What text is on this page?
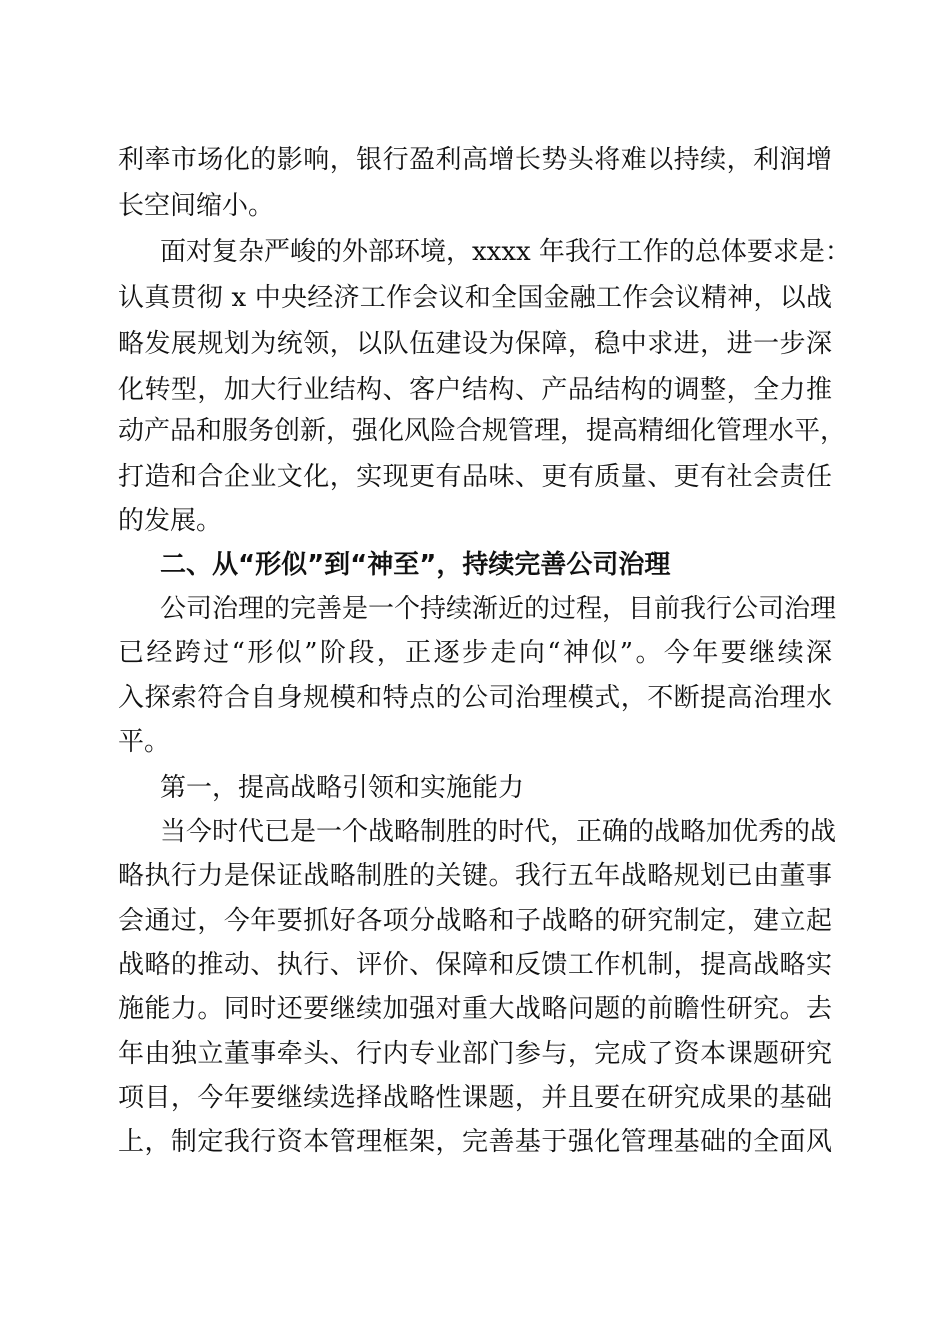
利率市场化的影响，银行盈利高增长势头将难以持续，利润增
长空间缩小。
面对复杂严峻的外部环境，xxxx 年我行工作的总体要求是：
认真贯彻 x 中央经济工作会议和全国金融工作会议精神，以战
略发展规划为统领，以队伍建设为保障，稳中求进，进一步深
化转型，加大行业结构、客户结构、产品结构的调整，全力推
动产品和服务创新，强化风险合规管理，提高精细化管理水平，
打造和合企业文化，实现更有品味、更有质量、更有社会责任
的发展。
二、从“形似”到“神至”，持续完善公司治理
公司治理的完善是一个持续渐近的过程，目前我行公司治理
已经跨过“形似”阶段，正逐步走向“神似”。今年要继续深
入探索符合自身规模和特点的公司治理模式，不断提高治理水
平。
第一，提高战略引领和实施能力
当今时代已是一个战略制胜的时代，正确的战略加优秀的战
略执行力是保证战略制胜的关键。我行五年战略规划已由董事
会通过，今年要抓好各项分战略和子战略的研究制定，建立起
战略的推动、执行、评价、保障和反馈工作机制，提高战略实
施能力。同时还要继续加强对重大战略问题的前瞻性研究。去
年由独立董事牵头、行内专业部门参与，完成了资本课题研究
项目，今年要继续选择战略性课题，并且要在研究成果的基础
上，制定我行资本管理框架，完善基于强化管理基础的全面风
